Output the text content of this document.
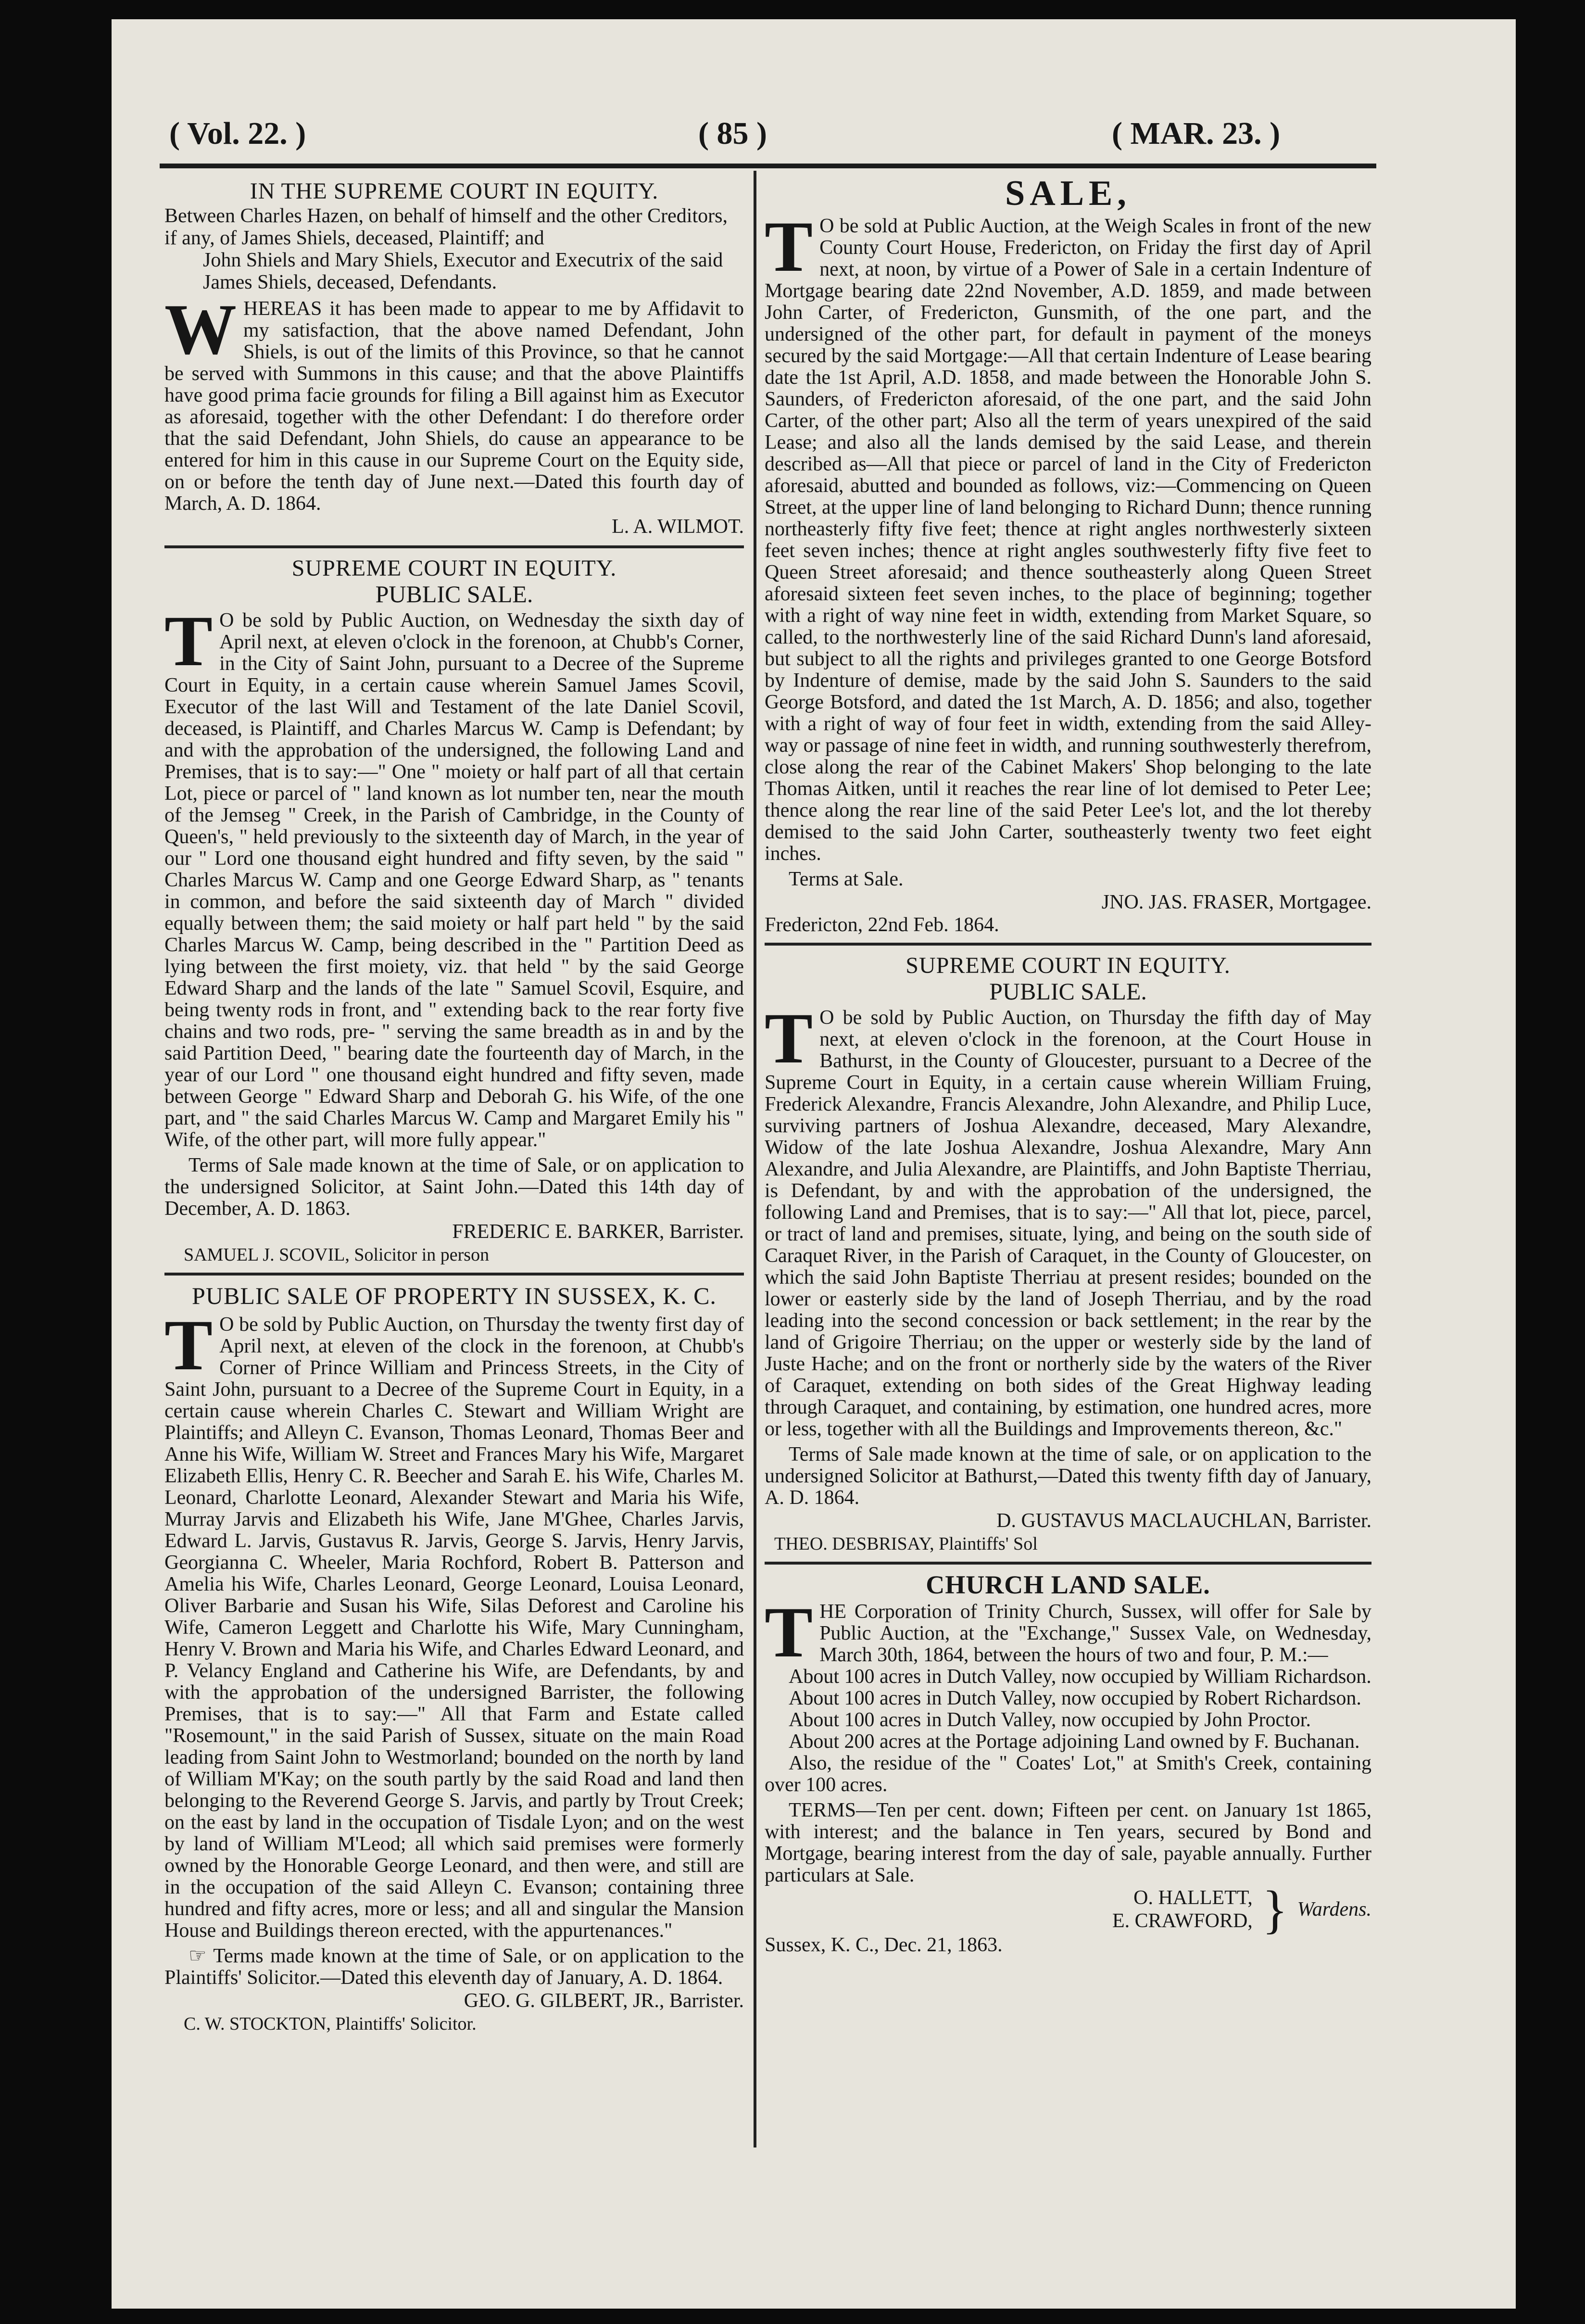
( Vol. 22. )	( 85 )	( MAR. 23. )

IN THE SUPREME COURT IN EQUITY.

Between Charles Hazen, on behalf of himself and the other Creditors, if any, of James Shiels, deceased, Plaintiff; and

John Shiels and Mary Shiels, Executor and Executrix of the said James Shiels, deceased, Defendants.

W HEREAS it has been made to appear to me by Affidavit to my satisfaction, that the above named Defendant, John Shiels, is out of the limits of this Province, so that he cannot be served with Summons in this cause; and that the above Plaintiffs have good prima facie grounds for filing a Bill against him as Executor as aforesaid, together with the other Defendant: I do therefore order that the said Defendant, John Shiels, do cause an appearance to be entered for him in this cause in our Supreme Court on the Equity side, on or before the tenth day of June next.—Dated this fourth day of March, A. D. 1864.

L. A. WILMOT.

SUPREME COURT IN EQUITY.

PUBLIC SALE.

T O be sold by Public Auction, on Wednesday the sixth day of April next, at eleven o'clock in the forenoon, at Chubb's Corner, in the City of Saint John, pursuant to a Decree of the Supreme Court in Equity, in a certain cause wherein Samuel James Scovil, Executor of the last Will and Testament of the late Daniel Scovil, deceased, is Plaintiff, and Charles Marcus W. Camp is Defendant; by and with the approbation of the undersigned, the following Land and Premises, that is to say:—" One " moiety or half part of all that certain Lot, piece or parcel of " land known as lot number ten, near the mouth of the Jemseg " Creek, in the Parish of Cambridge, in the County of Queen's, " held previously to the sixteenth day of March, in the year of our " Lord one thousand eight hundred and fifty seven, by the said " Charles Marcus W. Camp and one George Edward Sharp, as " tenants in common, and before the said sixteenth day of March " divided equally between them; the said moiety or half part held " by the said Charles Marcus W. Camp, being described in the " Partition Deed as lying between the first moiety, viz. that held " by the said George Edward Sharp and the lands of the late " Samuel Scovil, Esquire, and being twenty rods in front, and " extending back to the rear forty five chains and two rods, pre- " serving the same breadth as in and by the said Partition Deed, " bearing date the fourteenth day of March, in the year of our Lord " one thousand eight hundred and fifty seven, made between George " Edward Sharp and Deborah G. his Wife, of the one part, and " the said Charles Marcus W. Camp and Margaret Emily his " Wife, of the other part, will more fully appear."

Terms of Sale made known at the time of Sale, or on application to the undersigned Solicitor, at Saint John.—Dated this 14th day of December, A. D. 1863.

FREDERIC E. BARKER, Barrister.

SAMUEL J. SCOVIL, Solicitor in person

PUBLIC SALE OF PROPERTY IN SUSSEX, K. C.

T O be sold by Public Auction, on Thursday the twenty first day of April next, at eleven of the clock in the forenoon, at Chubb's Corner of Prince William and Princess Streets, in the City of Saint John, pursuant to a Decree of the Supreme Court in Equity, in a certain cause wherein Charles C. Stewart and William Wright are Plaintiffs; and Alleyn C. Evanson, Thomas Leonard, Thomas Beer and Anne his Wife, William W. Street and Frances Mary his Wife, Margaret Elizabeth Ellis, Henry C. R. Beecher and Sarah E. his Wife, Charles M. Leonard, Charlotte Leonard, Alexander Stewart and Maria his Wife, Murray Jarvis and Elizabeth his Wife, Jane M'Ghee, Charles Jarvis, Edward L. Jarvis, Gustavus R. Jarvis, George S. Jarvis, Henry Jarvis, Georgianna C. Wheeler, Maria Rochford, Robert B. Patterson and Amelia his Wife, Charles Leonard, George Leonard, Louisa Leonard, Oliver Barbarie and Susan his Wife, Silas Deforest and Caroline his Wife, Cameron Leggett and Charlotte his Wife, Mary Cunningham, Henry V. Brown and Maria his Wife, and Charles Edward Leonard, and P. Velancy England and Catherine his Wife, are Defendants, by and with the approbation of the undersigned Barrister, the following Premises, that is to say:—" All that Farm and Estate called "Rosemount," in the said Parish of Sussex, situate on the main Road leading from Saint John to Westmorland; bounded on the north by land of William M'Kay; on the south partly by the said Road and land then belonging to the Reverend George S. Jarvis, and partly by Trout Creek; on the east by land in the occupation of Tisdale Lyon; and on the west by land of William M'Leod; all which said premises were formerly owned by the Honorable George Leonard, and then were, and still are in the occupation of the said Alleyn C. Evanson; containing three hundred and fifty acres, more or less; and all and singular the Mansion House and Buildings thereon erected, with the appurtenances."

☞ Terms made known at the time of Sale, or on application to the Plaintiffs' Solicitor.—Dated this eleventh day of January, A. D. 1864.

GEO. G. GILBERT, JR., Barrister.

C. W. STOCKTON, Plaintiffs' Solicitor.

SALE,

T O be sold at Public Auction, at the Weigh Scales in front of the new County Court House, Fredericton, on Friday the first day of April next, at noon, by virtue of a Power of Sale in a certain Indenture of Mortgage bearing date 22nd November, A.D. 1859, and made between John Carter, of Fredericton, Gunsmith, of the one part, and the undersigned of the other part, for default in payment of the moneys secured by the said Mortgage:—All that certain Indenture of Lease bearing date the 1st April, A.D. 1858, and made between the Honorable John S. Saunders, of Fredericton aforesaid, of the one part, and the said John Carter, of the other part; Also all the term of years unexpired of the said Lease; and also all the lands demised by the said Lease, and therein described as—All that piece or parcel of land in the City of Fredericton aforesaid, abutted and bounded as follows, viz:—Commencing on Queen Street, at the upper line of land belonging to Richard Dunn; thence running northeasterly fifty five feet; thence at right angles northwesterly sixteen feet seven inches; thence at right angles southwesterly fifty five feet to Queen Street aforesaid; and thence southeasterly along Queen Street aforesaid sixteen feet seven inches, to the place of beginning; together with a right of way nine feet in width, extending from Market Square, so called, to the northwesterly line of the said Richard Dunn's land aforesaid, but subject to all the rights and privileges granted to one George Botsford by Indenture of demise, made by the said John S. Saunders to the said George Botsford, and dated the 1st March, A. D. 1856; and also, together with a right of way of four feet in width, extending from the said Alley-way or passage of nine feet in width, and running southwesterly therefrom, close along the rear of the Cabinet Makers' Shop belonging to the late Thomas Aitken, until it reaches the rear line of lot demised to Peter Lee; thence along the rear line of the said Peter Lee's lot, and the lot thereby demised to the said John Carter, southeasterly twenty two feet eight inches.

Terms at Sale.

JNO. JAS. FRASER, Mortgagee.

Fredericton, 22nd Feb. 1864.

SUPREME COURT IN EQUITY.

PUBLIC SALE.

T O be sold by Public Auction, on Thursday the fifth day of May next, at eleven o'clock in the forenoon, at the Court House in Bathurst, in the County of Gloucester, pursuant to a Decree of the Supreme Court in Equity, in a certain cause wherein William Fruing, Frederick Alexandre, Francis Alexandre, John Alexandre, and Philip Luce, surviving partners of Joshua Alexandre, deceased, Mary Alexandre, Widow of the late Joshua Alexandre, Joshua Alexandre, Mary Ann Alexandre, and Julia Alexandre, are Plaintiffs, and John Baptiste Therriau, is Defendant, by and with the approbation of the undersigned, the following Land and Premises, that is to say:—" All that lot, piece, parcel, or tract of land and premises, situate, lying, and being on the south side of Caraquet River, in the Parish of Caraquet, in the County of Gloucester, on which the said John Baptiste Therriau at present resides; bounded on the lower or easterly side by the land of Joseph Therriau, and by the road leading into the second concession or back settlement; in the rear by the land of Grigoire Therriau; on the upper or westerly side by the land of Juste Hache; and on the front or northerly side by the waters of the River of Caraquet, extending on both sides of the Great Highway leading through Caraquet, and containing, by estimation, one hundred acres, more or less, together with all the Buildings and Improvements thereon, &c."

Terms of Sale made known at the time of sale, or on application to the undersigned Solicitor at Bathurst,—Dated this twenty fifth day of January, A. D. 1864.

D. GUSTAVUS MACLAUCHLAN, Barrister.

THEO. DESBRISAY, Plaintiffs' Sol

CHURCH LAND SALE.

T HE Corporation of Trinity Church, Sussex, will offer for Sale by Public Auction, at the "Exchange," Sussex Vale, on Wednesday, March 30th, 1864, between the hours of two and four, P. M.:—

About 100 acres in Dutch Valley, now occupied by William Richardson.

About 100 acres in Dutch Valley, now occupied by Robert Richardson.

About 100 acres in Dutch Valley, now occupied by John Proctor.

About 200 acres at the Portage adjoining Land owned by F. Buchanan.

Also, the residue of the " Coates' Lot," at Smith's Creek, containing over 100 acres.

TERMS—Ten per cent. down; Fifteen per cent. on January 1st 1865, with interest; and the balance in Ten years, secured by Bond and Mortgage, bearing interest from the day of sale, payable annually. Further particulars at Sale.

O. HALLETT,
E. CRAWFORD, } Wardens.

Sussex, K. C., Dec. 21, 1863.
